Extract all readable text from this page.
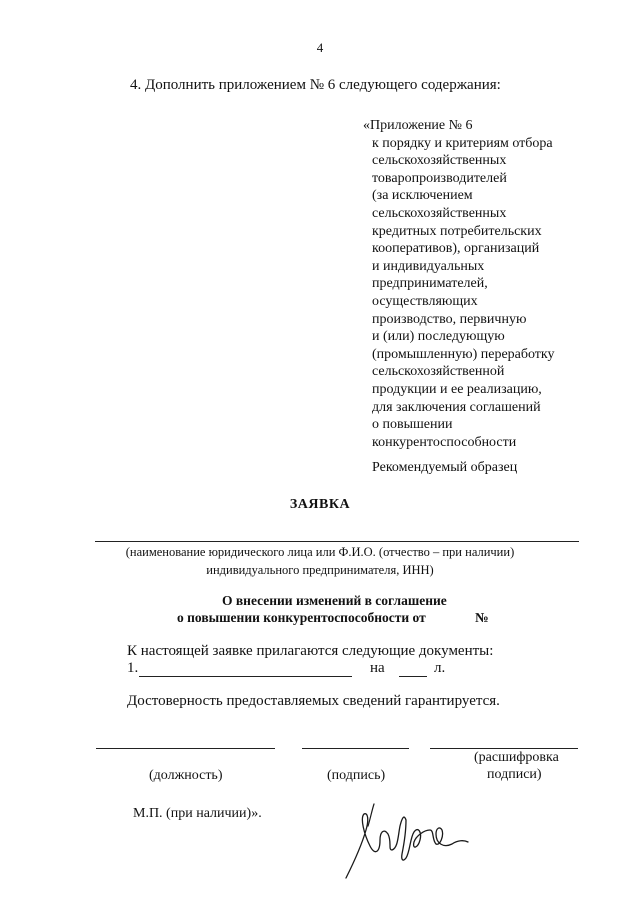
4
4. Дополнить приложением № 6 следующего содержания:
«Приложение № 6
к порядку и критериям отбора
сельскохозяйственных
товаропроизводителей
(за исключением
сельскохозяйственных
кредитных потребительских
кооперативов), организаций
и индивидуальных
предпринимателей,
осуществляющих
производство, первичную
и (или) последующую
(промышленную) переработку
сельскохозяйственной
продукции и ее реализацию,
для заключения соглашений
о повышении
конкурентоспособности
Рекомендуемый образец
ЗАЯВКА
(наименование юридического лица или Ф.И.О. (отчество – при наличии)
индивидуального предпринимателя, ИНН)
О внесении изменений в соглашение
о повышении конкурентоспособности от	№
К настоящей заявке прилагаются следующие документы:
1.	на	л.
Достоверность предоставляемых сведений гарантируется.
(должность)	(подпись)
(расшифровка
подписи)
М.П. (при наличии)».
